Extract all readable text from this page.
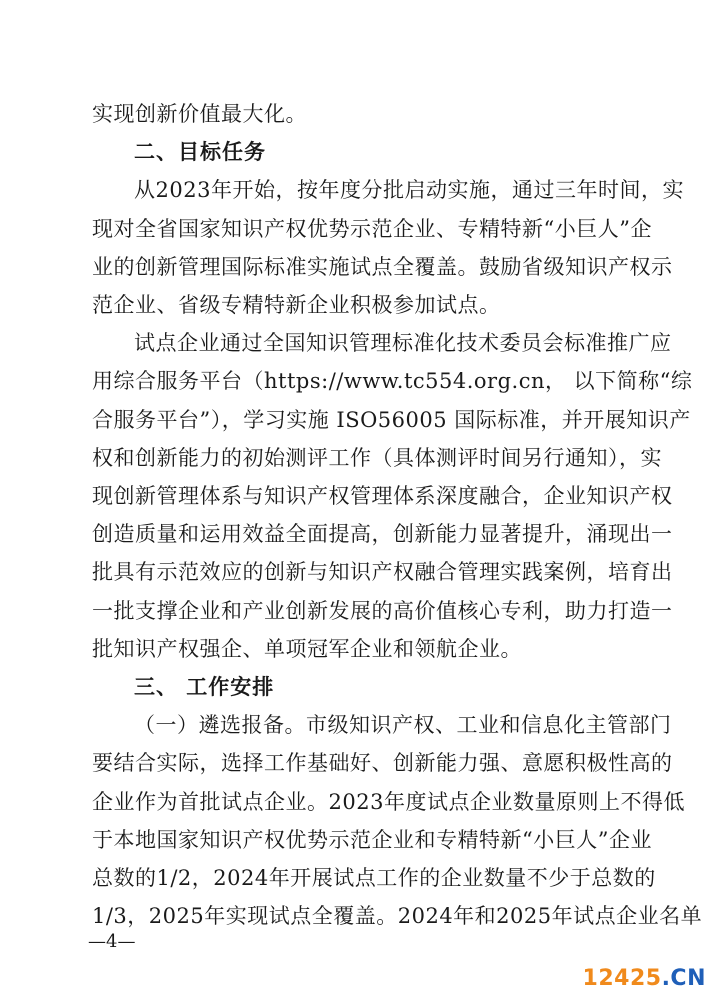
实现创新价值最大化。
二、目标任务
从2023年开始，按年度分批启动实施，通过三年时间，实
现对全省国家知识产权优势示范企业、专精特新“小巨人”企
业的创新管理国际标准实施试点全覆盖。鼓励省级知识产权示
范企业、省级专精特新企业积极参加试点。
试点企业通过全国知识管理标准化技术委员会标准推广应
用综合服务平台（https://www.tc554.org.cn， 以下简称“综
合服务平台”），学习实施 ISO56005 国际标准，并开展知识产
权和创新能力的初始测评工作（具体测评时间另行通知），实
现创新管理体系与知识产权管理体系深度融合，企业知识产权
创造质量和运用效益全面提高，创新能力显著提升，涌现出一
批具有示范效应的创新与知识产权融合管理实践案例，培育出
一批支撑企业和产业创新发展的高价值核心专利，助力打造一
批知识产权强企、单项冠军企业和领航企业。
三、 工作安排
（一）遴选报备。市级知识产权、工业和信息化主管部门
要结合实际，选择工作基础好、创新能力强、意愿积极性高的
企业作为首批试点企业。2023年度试点企业数量原则上不得低
于本地国家知识产权优势示范企业和专精特新“小巨人”企业
总数的1/2，2024年开展试点工作的企业数量不少于总数的
1/3，2025年实现试点全覆盖。2024年和2025年试点企业名单
—4—
12425.CN
